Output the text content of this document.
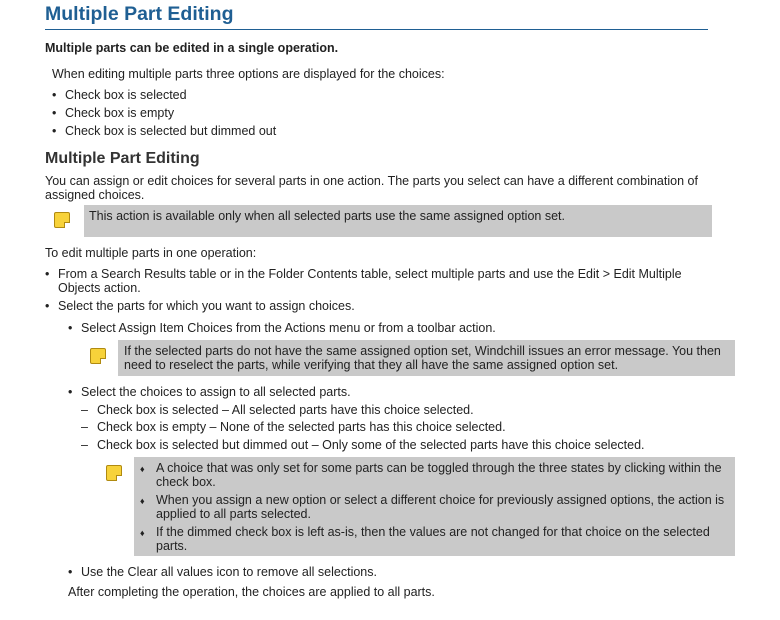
Multiple Part Editing
Multiple parts can be edited in a single operation.
When editing multiple parts three options are displayed for the choices:
• Check box is selected
• Check box is empty
• Check box is selected but dimmed out
Multiple Part Editing
You can assign or edit choices for several parts in one action. The parts you select can have a different combination of assigned choices.
This action is available only when all selected parts use the same assigned option set.
To edit multiple parts in one operation:
• From a Search Results table or in the Folder Contents table, select multiple parts and use the Edit > Edit Multiple Objects action.
• Select the parts for which you want to assign choices.
• Select Assign Item Choices from the Actions menu or from a toolbar action.
If the selected parts do not have the same assigned option set, Windchill issues an error message. You then need to reselect the parts, while verifying that they all have the same assigned option set.
• Select the choices to assign to all selected parts.
– Check box is selected – All selected parts have this choice selected.
– Check box is empty – None of the selected parts has this choice selected.
– Check box is selected but dimmed out – Only some of the selected parts have this choice selected.
♦ A choice that was only set for some parts can be toggled through the three states by clicking within the check box.
♦ When you assign a new option or select a different choice for previously assigned options, the action is applied to all parts selected.
♦ If the dimmed check box is left as-is, then the values are not changed for that choice on the selected parts.
• Use the Clear all values icon to remove all selections.
After completing the operation, the choices are applied to all parts.
